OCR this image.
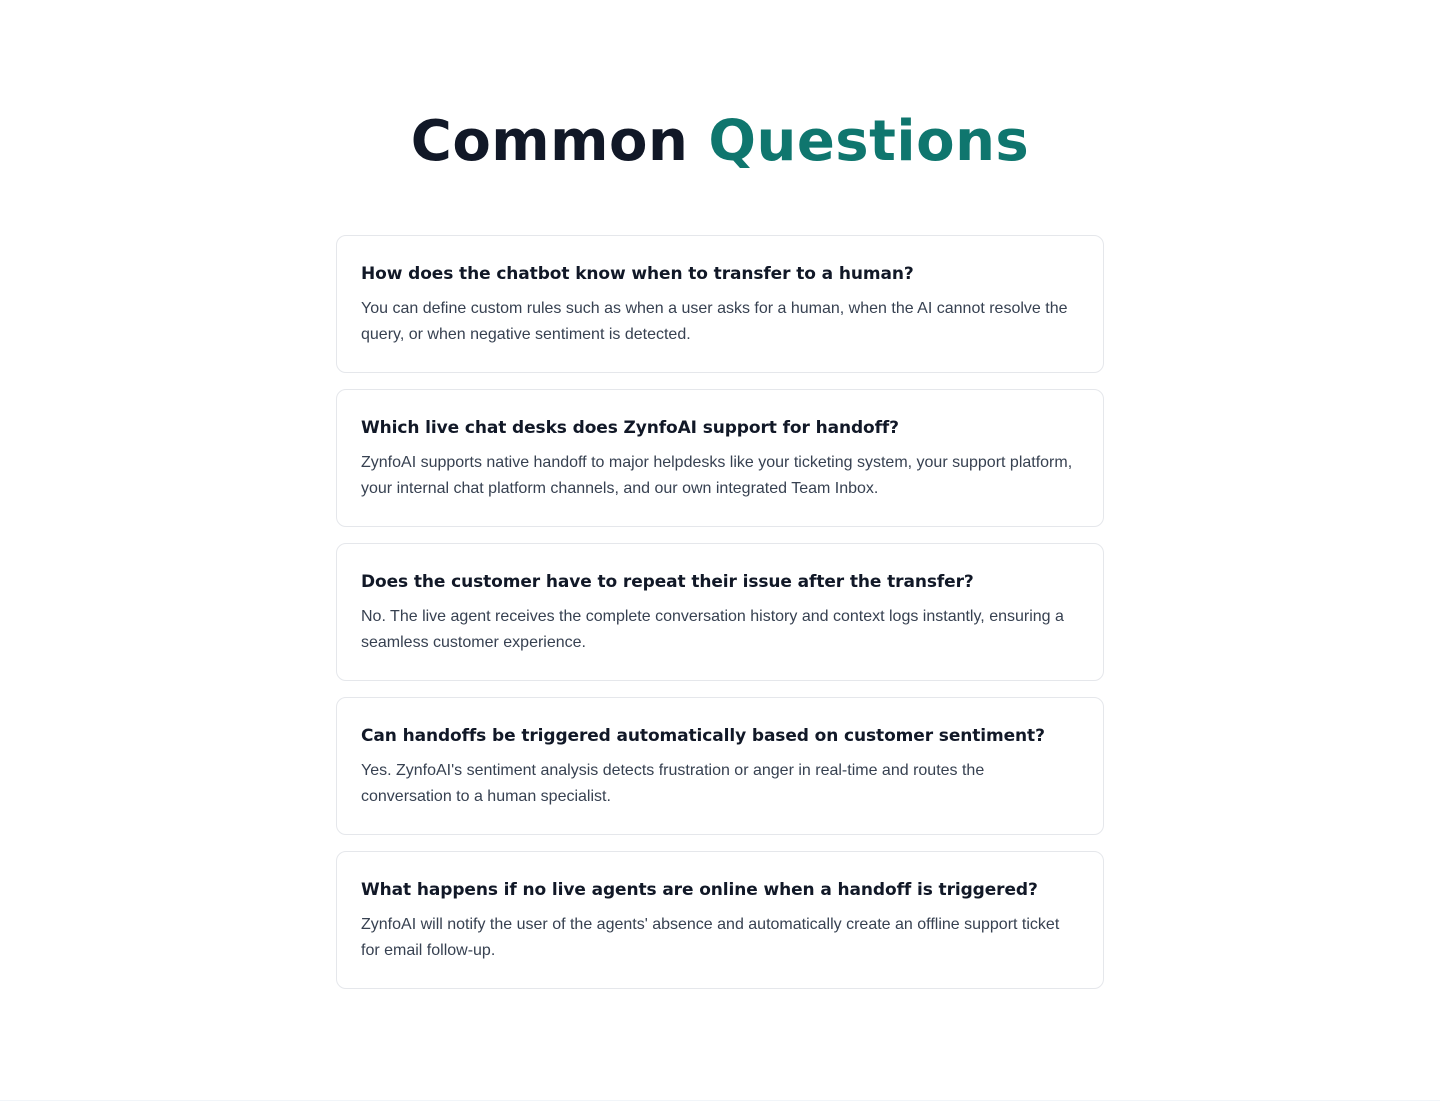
Common Questions
How does the chatbot know when to transfer to a human?

You can define custom rules such as when a user asks for a human, when the AI cannot resolve the query, or when negative sentiment is detected.

Which live chat desks does ZynfoAI support for handoff?

ZynfoAI supports native handoff to major helpdesks like your ticketing system, your support platform, your internal chat platform channels, and our own integrated Team Inbox.

Does the customer have to repeat their issue after the transfer?

No. The live agent receives the complete conversation history and context logs instantly, ensuring a seamless customer experience.

Can handoffs be triggered automatically based on customer sentiment?

Yes. ZynfoAI's sentiment analysis detects frustration or anger in real-time and routes the conversation to a human specialist.

What happens if no live agents are online when a handoff is triggered?

ZynfoAI will notify the user of the agents' absence and automatically create an offline support ticket for email follow-up.
